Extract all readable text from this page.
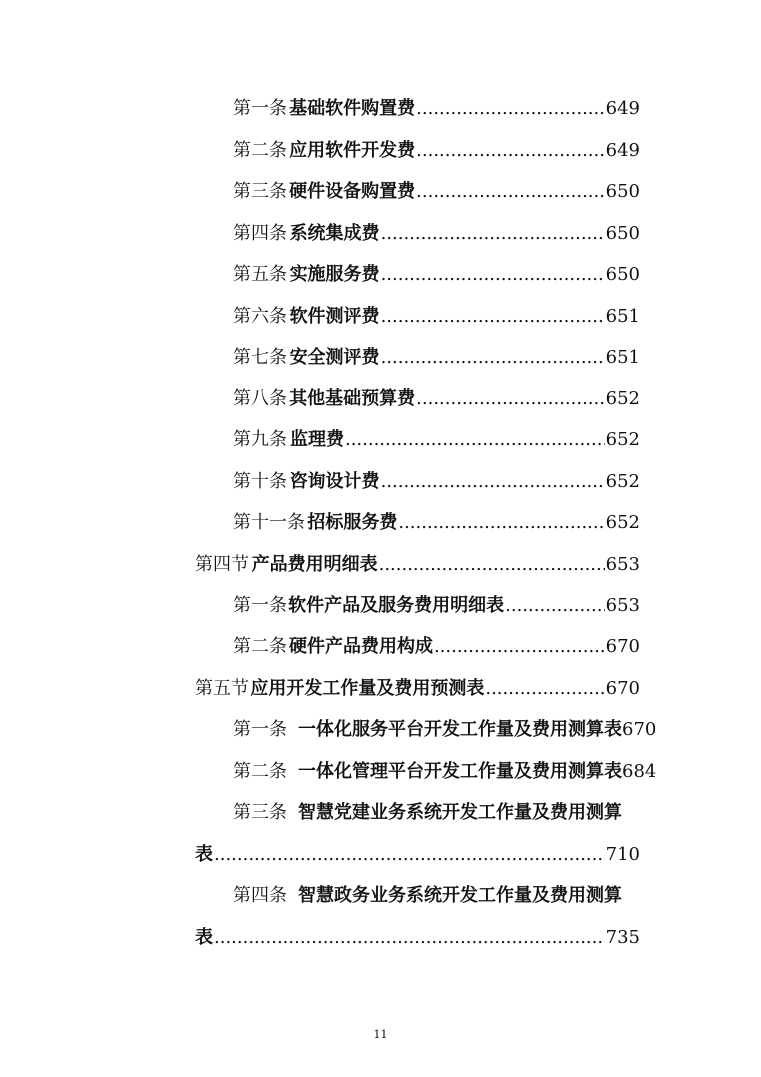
第一条 基础软件购置费 .....	649
第二条 应用软件开发费 .....	649
第三条 硬件设备购置费 .....	650
第四条 系统集成费 .....	650
第五条 实施服务费 .....	650
第六条 软件测评费 .....	651
第七条 安全测评费 .....	651
第八条 其他基础预算费 .....	652
第九条 监理费 .....	652
第十条 咨询设计费 .....	652
第十一条 招标服务费 .....	652
第四节 产品费用明细表 .....	653
第一条 软件产品及服务费用明细表 .....	653
第二条 硬件产品费用构成 .....	670
第五节 应用开发工作量及费用预测表 .....	670
第一条 一体化服务平台开发工作量及费用测算表 670
第二条 一体化管理平台开发工作量及费用测算表 684
第三条 智慧党建业务系统开发工作量及费用测算
表 .....	710
第四条 智慧政务业务系统开发工作量及费用测算
表 .....	735
11
